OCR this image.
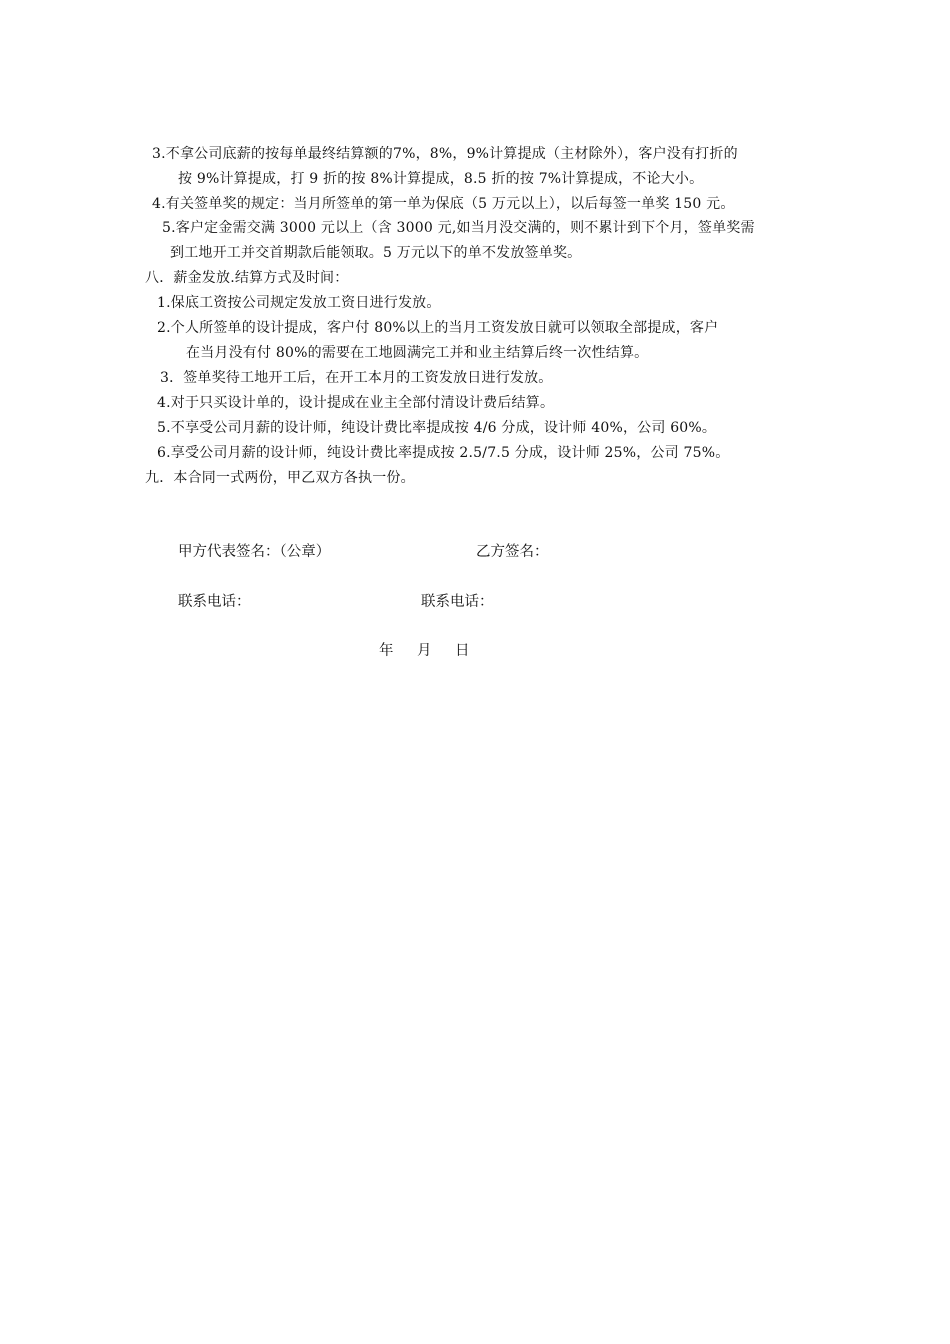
3.不拿公司底薪的按每单最终结算额的7%，8%，9%计算提成（主材除外），客户没有打折的
按 9%计算提成，打 9 折的按 8%计算提成，8.5 折的按 7%计算提成，不论大小。
4.有关签单奖的规定：当月所签单的第一单为保底（5 万元以上），以后每签一单奖 150 元。
5.客户定金需交满 3000 元以上（含 3000 元,如当月没交满的，则不累计到下个月，签单奖需
到工地开工并交首期款后能领取。5 万元以下的单不发放签单奖。
八．薪金发放.结算方式及时间：
1.保底工资按公司规定发放工资日进行发放。
2.个人所签单的设计提成，客户付 80%以上的当月工资发放日就可以领取全部提成，客户
在当月没有付 80%的需要在工地圆满完工并和业主结算后终一次性结算。
3．签单奖待工地开工后，在开工本月的工资发放日进行发放。
4.对于只买设计单的，设计提成在业主全部付清设计费后结算。
5.不享受公司月薪的设计师，纯设计费比率提成按 4/6 分成，设计师 40%，公司 60%。
6.享受公司月薪的设计师，纯设计费比率提成按 2.5/7.5 分成，设计师 25%，公司 75%。
九．本合同一式两份，甲乙双方各执一份。
甲方代表签名：（公章）	乙方签名：
联系电话：	联系电话：
年 月 日
